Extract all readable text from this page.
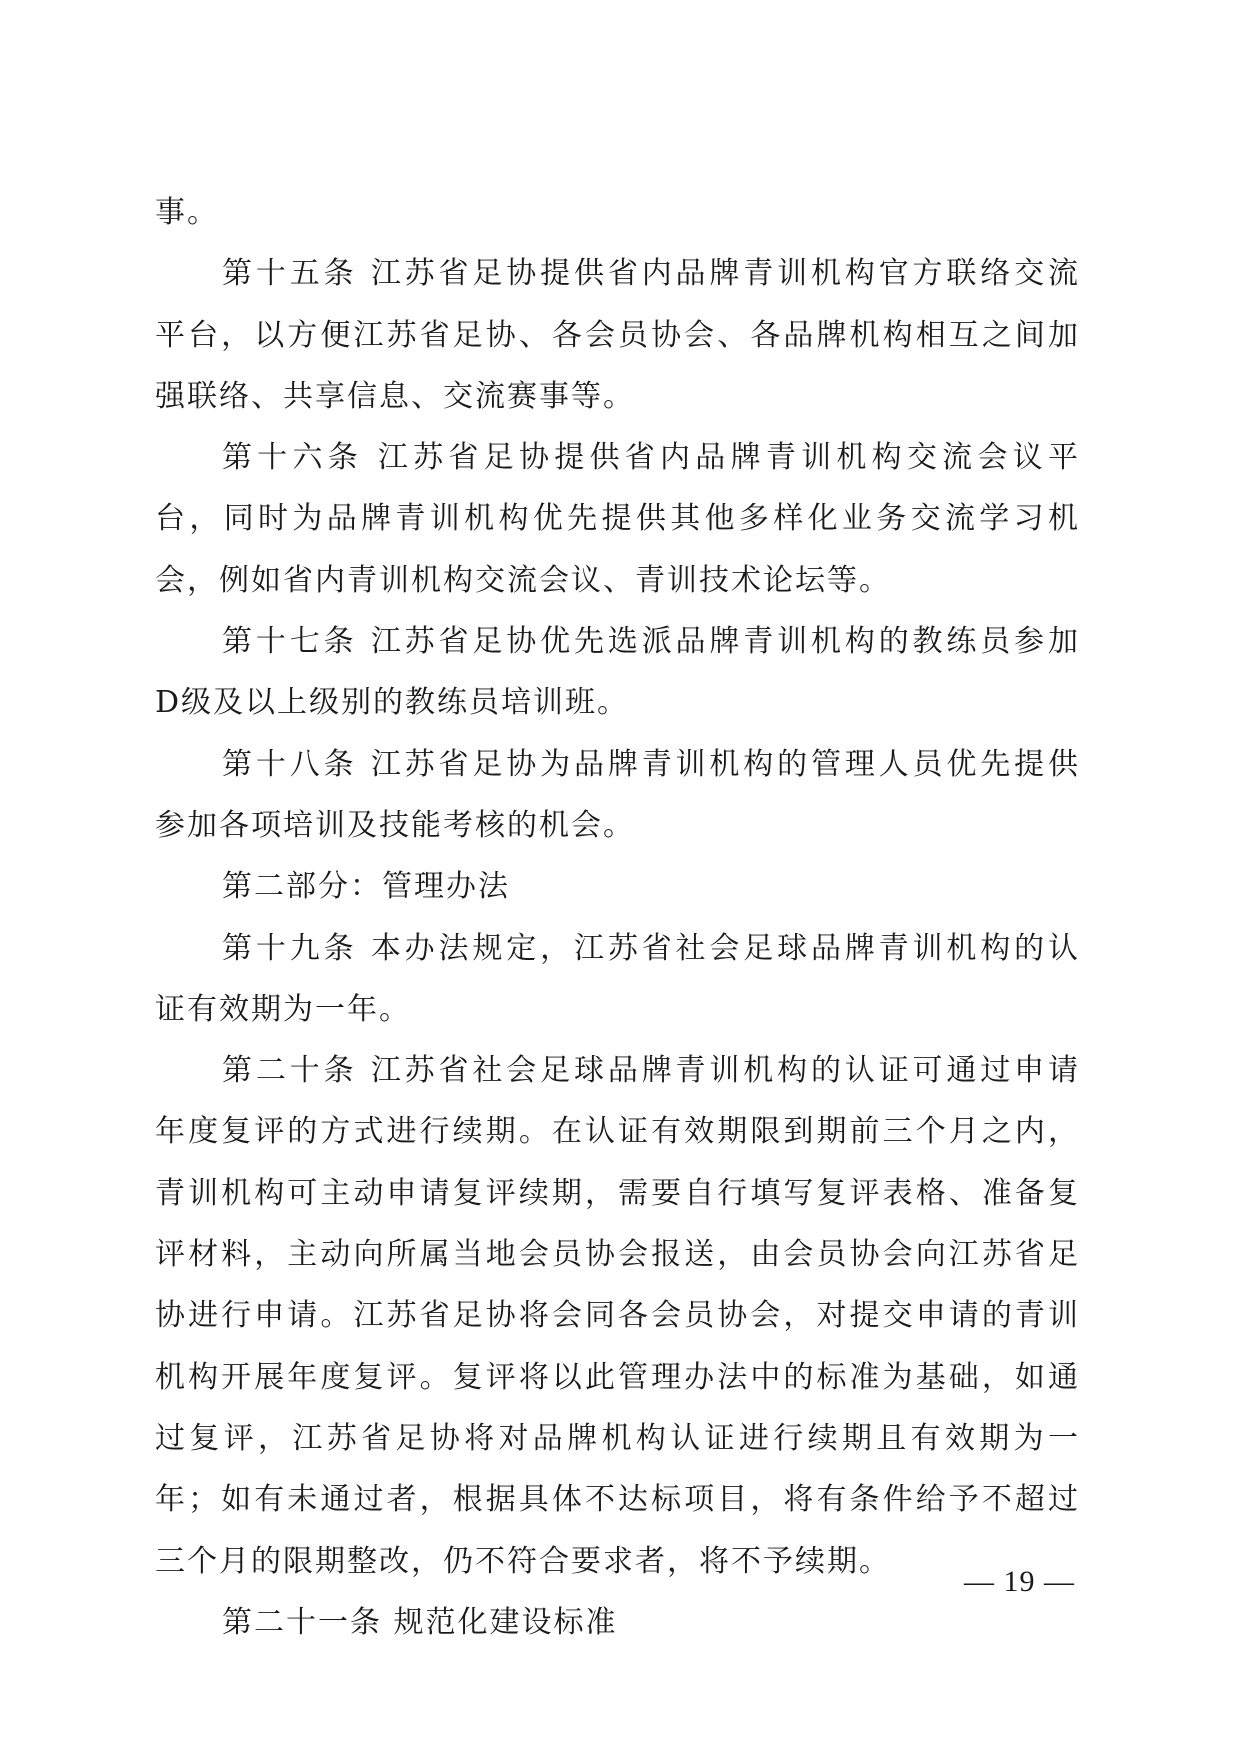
事。
第十五条 江苏省足协提供省内品牌青训机构官方联络交流
平台，以方便江苏省足协、各会员协会、各品牌机构相互之间加
强联络、共享信息、交流赛事等。
第十六条 江苏省足协提供省内品牌青训机构交流会议平
台，同时为品牌青训机构优先提供其他多样化业务交流学习机
会，例如省内青训机构交流会议、青训技术论坛等。
第十七条 江苏省足协优先选派品牌青训机构的教练员参加
D级及以上级别的教练员培训班。
第十八条 江苏省足协为品牌青训机构的管理人员优先提供
参加各项培训及技能考核的机会。
第二部分：管理办法
第十九条 本办法规定，江苏省社会足球品牌青训机构的认
证有效期为一年。
第二十条 江苏省社会足球品牌青训机构的认证可通过申请
年度复评的方式进行续期。在认证有效期限到期前三个月之内，
青训机构可主动申请复评续期，需要自行填写复评表格、准备复
评材料，主动向所属当地会员协会报送，由会员协会向江苏省足
协进行申请。江苏省足协将会同各会员协会，对提交申请的青训
机构开展年度复评。复评将以此管理办法中的标准为基础，如通
过复评，江苏省足协将对品牌机构认证进行续期且有效期为一
年；如有未通过者，根据具体不达标项目，将有条件给予不超过
三个月的限期整改，仍不符合要求者，将不予续期。
第二十一条 规范化建设标准
— 19 —
